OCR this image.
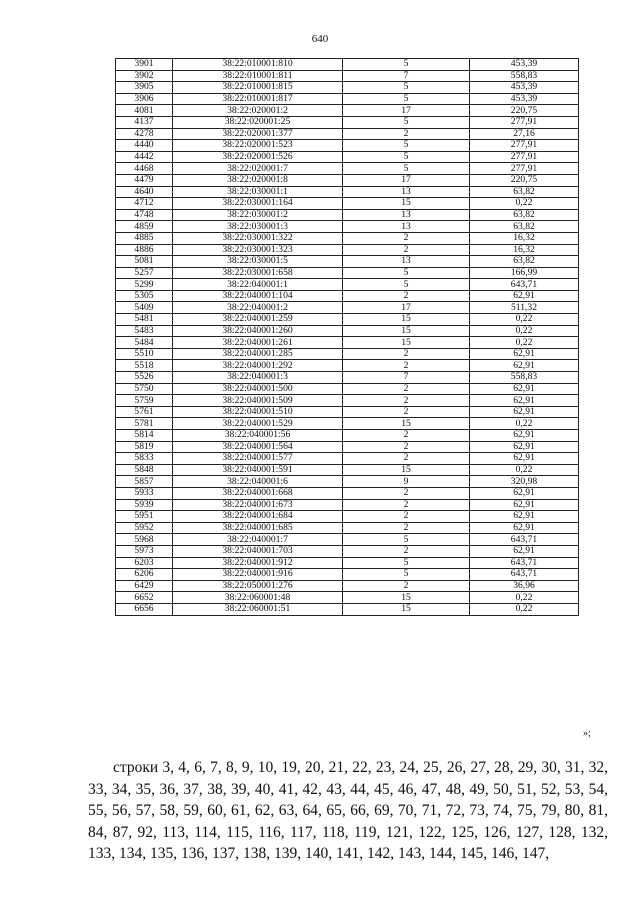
640
3901	38:22:010001:810	5	453,39
3902	38:22:010001:811	7	558,83
3905	38:22:010001:815	5	453,39
3906	38:22:010001:817	5	453,39
4081	38:22:020001:2	17	220,75
4137	38:22:020001:25	5	277,91
4278	38:22:020001:377	2	27,16
4440	38:22:020001:523	5	277,91
4442	38:22:020001:526	5	277,91
4468	38:22:020001:7	5	277,91
4479	38:22:020001:8	17	220,75
4640	38:22:030001:1	13	63,82
4712	38:22:030001:164	15	0,22
4748	38:22:030001:2	13	63,82
4859	38:22:030001:3	13	63,82
4885	38:22:030001:322	2	16,32
4886	38:22:030001:323	2	16,32
5081	38:22:030001:5	13	63,82
5257	38:22:030001:658	5	166,99
5299	38:22:040001:1	5	643,71
5305	38:22:040001:104	2	62,91
5409	38:22:040001:2	17	511,32
5481	38:22:040001:259	15	0,22
5483	38:22:040001:260	15	0,22
5484	38:22:040001:261	15	0,22
5510	38:22:040001:285	2	62,91
5518	38:22:040001:292	2	62,91
5526	38:22:040001:3	7	558,83
5750	38:22:040001:500	2	62,91
5759	38:22:040001:509	2	62,91
5761	38:22:040001:510	2	62,91
5781	38:22:040001:529	15	0,22
5814	38:22:040001:56	2	62,91
5819	38:22:040001:564	2	62,91
5833	38:22:040001:577	2	62,91
5848	38:22:040001:591	15	0,22
5857	38:22:040001:6	9	320,98
5933	38:22:040001:668	2	62,91
5939	38:22:040001:673	2	62,91
5951	38:22:040001:684	2	62,91
5952	38:22:040001:685	2	62,91
5968	38:22:040001:7	5	643,71
5973	38:22:040001:703	2	62,91
6203	38:22:040001:912	5	643,71
6206	38:22:040001:916	5	643,71
6429	38:22:050001:276	2	36,96
6652	38:22:060001:48	15	0,22
6656	38:22:060001:51	15	0,22
»;

строки 3, 4, 6, 7, 8, 9, 10, 19, 20, 21, 22, 23, 24, 25, 26, 27, 28, 29, 30, 31, 32, 33, 34, 35, 36, 37, 38, 39, 40, 41, 42, 43, 44, 45, 46, 47, 48, 49, 50, 51, 52, 53, 54, 55, 56, 57, 58, 59, 60, 61, 62, 63, 64, 65, 66, 69, 70, 71, 72, 73, 74, 75, 79, 80, 81, 84, 87, 92, 113, 114, 115, 116, 117, 118, 119, 121, 122, 125, 126, 127, 128, 132, 133, 134, 135, 136, 137, 138, 139, 140, 141, 142, 143, 144, 145, 146, 147,
